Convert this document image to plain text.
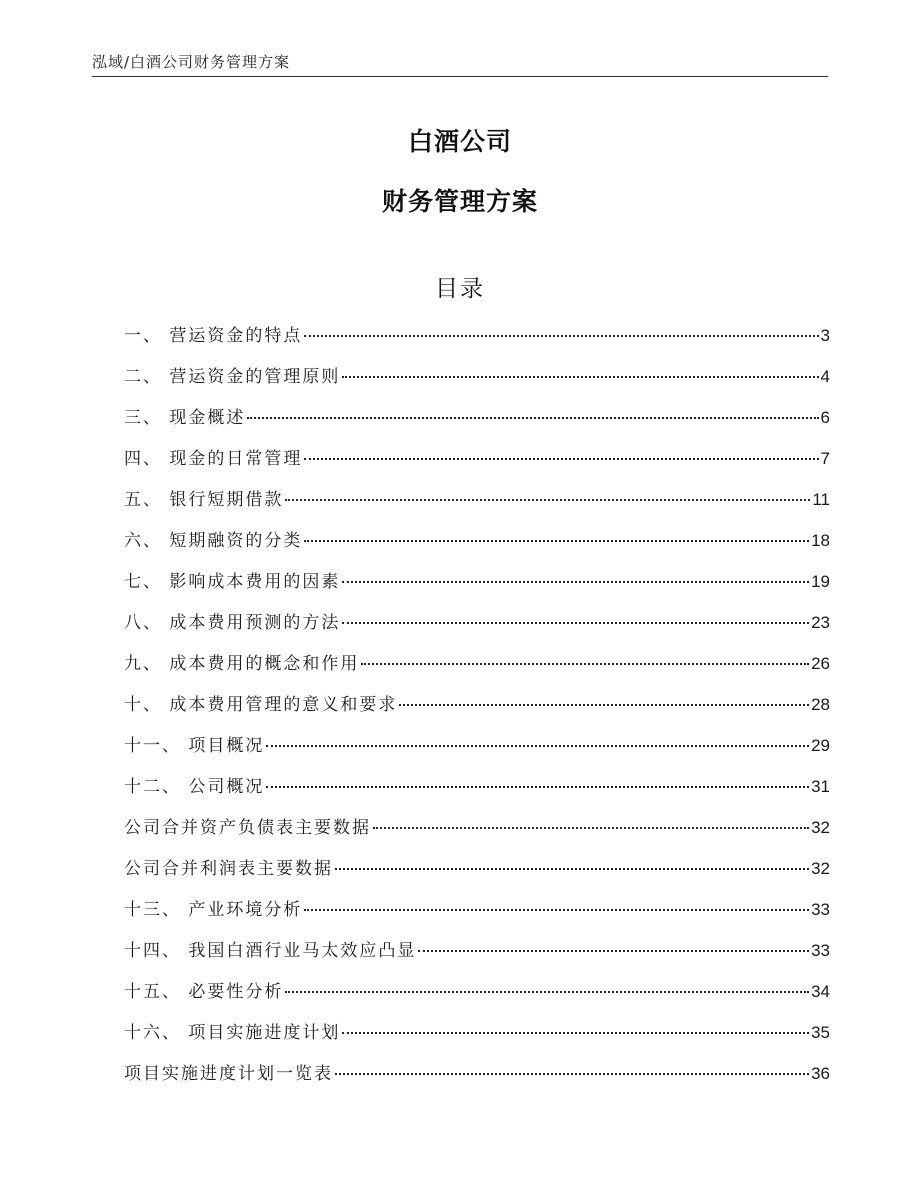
泓域/白酒公司财务管理方案
白酒公司
财务管理方案
目录
一、 营运资金的特点	3
二、 营运资金的管理原则	4
三、 现金概述	6
四、 现金的日常管理	7
五、 银行短期借款	11
六、 短期融资的分类	18
七、 影响成本费用的因素	19
八、 成本费用预测的方法	23
九、 成本费用的概念和作用	26
十、 成本费用管理的意义和要求	28
十一、 项目概况	29
十二、 公司概况	31
公司合并资产负债表主要数据	32
公司合并利润表主要数据	32
十三、 产业环境分析	33
十四、 我国白酒行业马太效应凸显	33
十五、 必要性分析	34
十六、 项目实施进度计划	35
项目实施进度计划一览表	36
